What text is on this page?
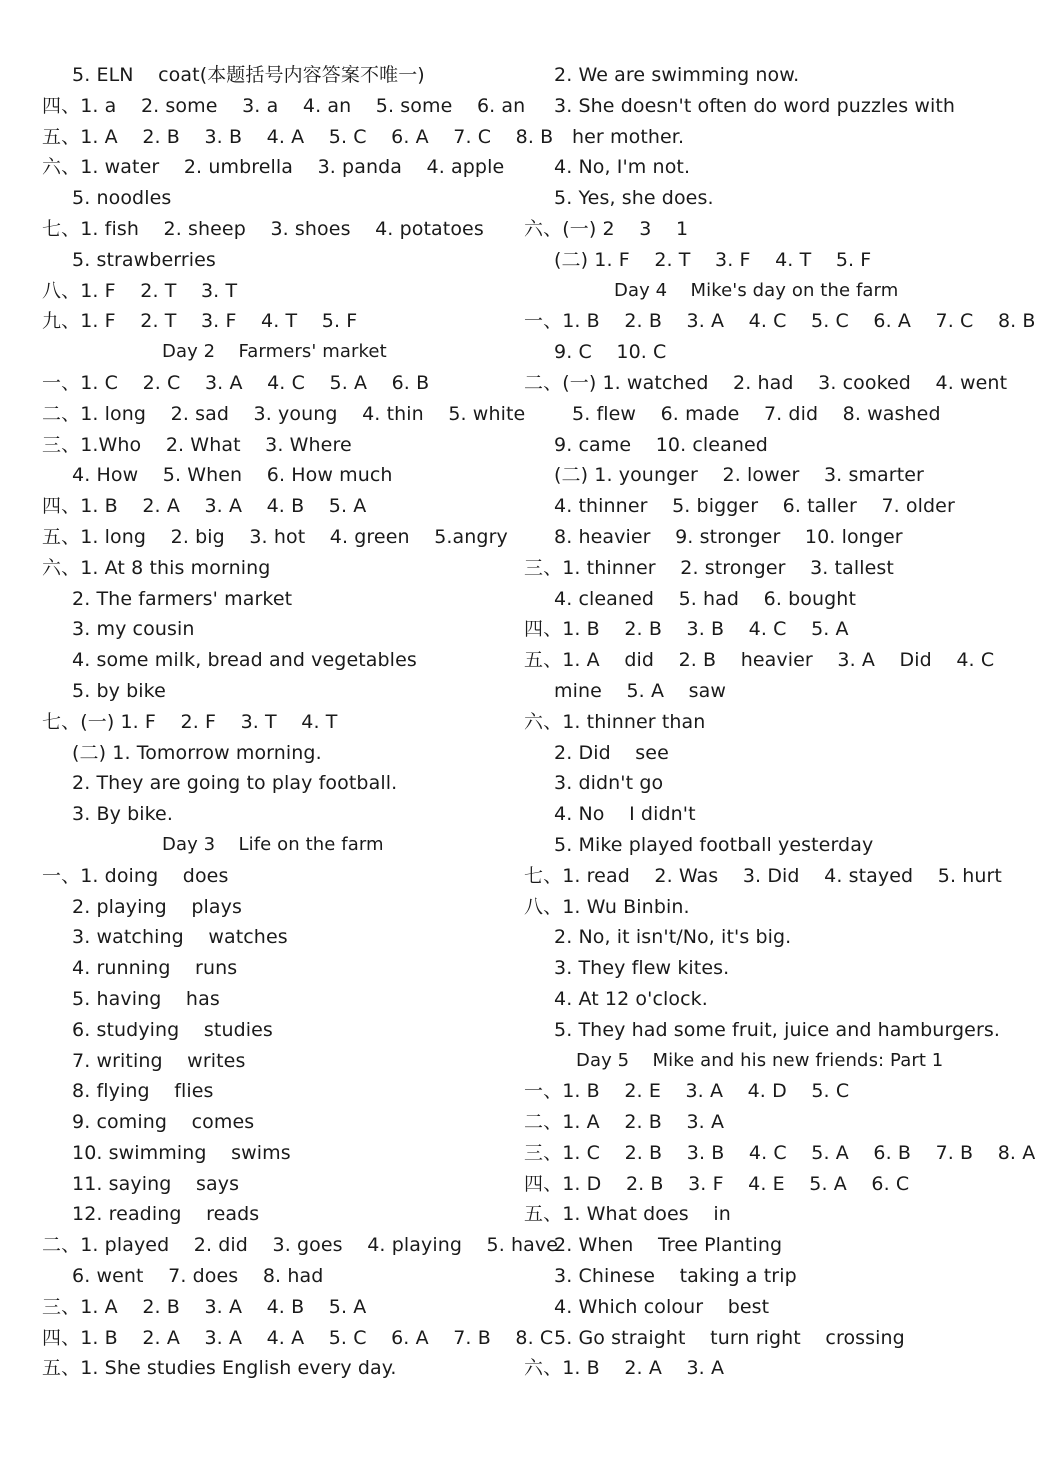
5. ELN    coat(本题括号内容答案不唯一)
四、1. a    2. some    3. a    4. an    5. some    6. an
五、1. A    2. B    3. B    4. A    5. C    6. A    7. C    8. B
六、1. water    2. umbrella    3. panda    4. apple
5. noodles
七、1. fish    2. sheep    3. shoes    4. potatoes
5. strawberries
八、1. F    2. T    3. T
九、1. F    2. T    3. F    4. T    5. F
Day 2    Farmers' market
一、1. C    2. C    3. A    4. C    5. A    6. B
二、1. long    2. sad    3. young    4. thin    5. white
三、1.Who    2. What    3. Where
4. How    5. When    6. How much
四、1. B    2. A    3. A    4. B    5. A
五、1. long    2. big    3. hot    4. green    5.angry
六、1. At 8 this morning
2. The farmers' market
3. my cousin
4. some milk, bread and vegetables
5. by bike
七、(一) 1. F    2. F    3. T    4. T
(二) 1. Tomorrow morning.
2. They are going to play football.
3. By bike.
Day 3    Life on the farm
一、1. doing    does
2. playing    plays
3. watching    watches
4. running    runs
5. having    has
6. studying    studies
7. writing    writes
8. flying    flies
9. coming    comes
10. swimming    swims
11. saying    says
12. reading    reads
二、1. played    2. did    3. goes    4. playing    5. have
6. went    7. does    8. had
三、1. A    2. B    3. A    4. B    5. A
四、1. B    2. A    3. A    4. A    5. C    6. A    7. B    8. C
五、1. She studies English every day.
2. We are swimming now.
3. She doesn't often do word puzzles with
her mother.
4. No, I'm not.
5. Yes, she does.
六、(一) 2    3    1
(二) 1. F    2. T    3. F    4. T    5. F
Day 4    Mike's day on the farm
一、1. B    2. B    3. A    4. C    5. C    6. A    7. C    8. B
9. C    10. C
二、(一) 1. watched    2. had    3. cooked    4. went
5. flew    6. made    7. did    8. washed
9. came    10. cleaned
(二) 1. younger    2. lower    3. smarter
4. thinner    5. bigger    6. taller    7. older
8. heavier    9. stronger    10. longer
三、1. thinner    2. stronger    3. tallest
4. cleaned    5. had    6. bought
四、1. B    2. B    3. B    4. C    5. A
五、1. A    did    2. B    heavier    3. A    Did    4. C
mine    5. A    saw
六、1. thinner than
2. Did    see
3. didn't go
4. No    I didn't
5. Mike played football yesterday
七、1. read    2. Was    3. Did    4. stayed    5. hurt
八、1. Wu Binbin.
2. No, it isn't/No, it's big.
3. They flew kites.
4. At 12 o'clock.
5. They had some fruit, juice and hamburgers.
Day 5    Mike and his new friends: Part 1
一、1. B    2. E    3. A    4. D    5. C
二、1. A    2. B    3. A
三、1. C    2. B    3. B    4. C    5. A    6. B    7. B    8. A
四、1. D    2. B    3. F    4. E    5. A    6. C
五、1. What does    in
2. When    Tree Planting
3. Chinese    taking a trip
4. Which colour    best
5. Go straight    turn right    crossing
六、1. B    2. A    3. A
